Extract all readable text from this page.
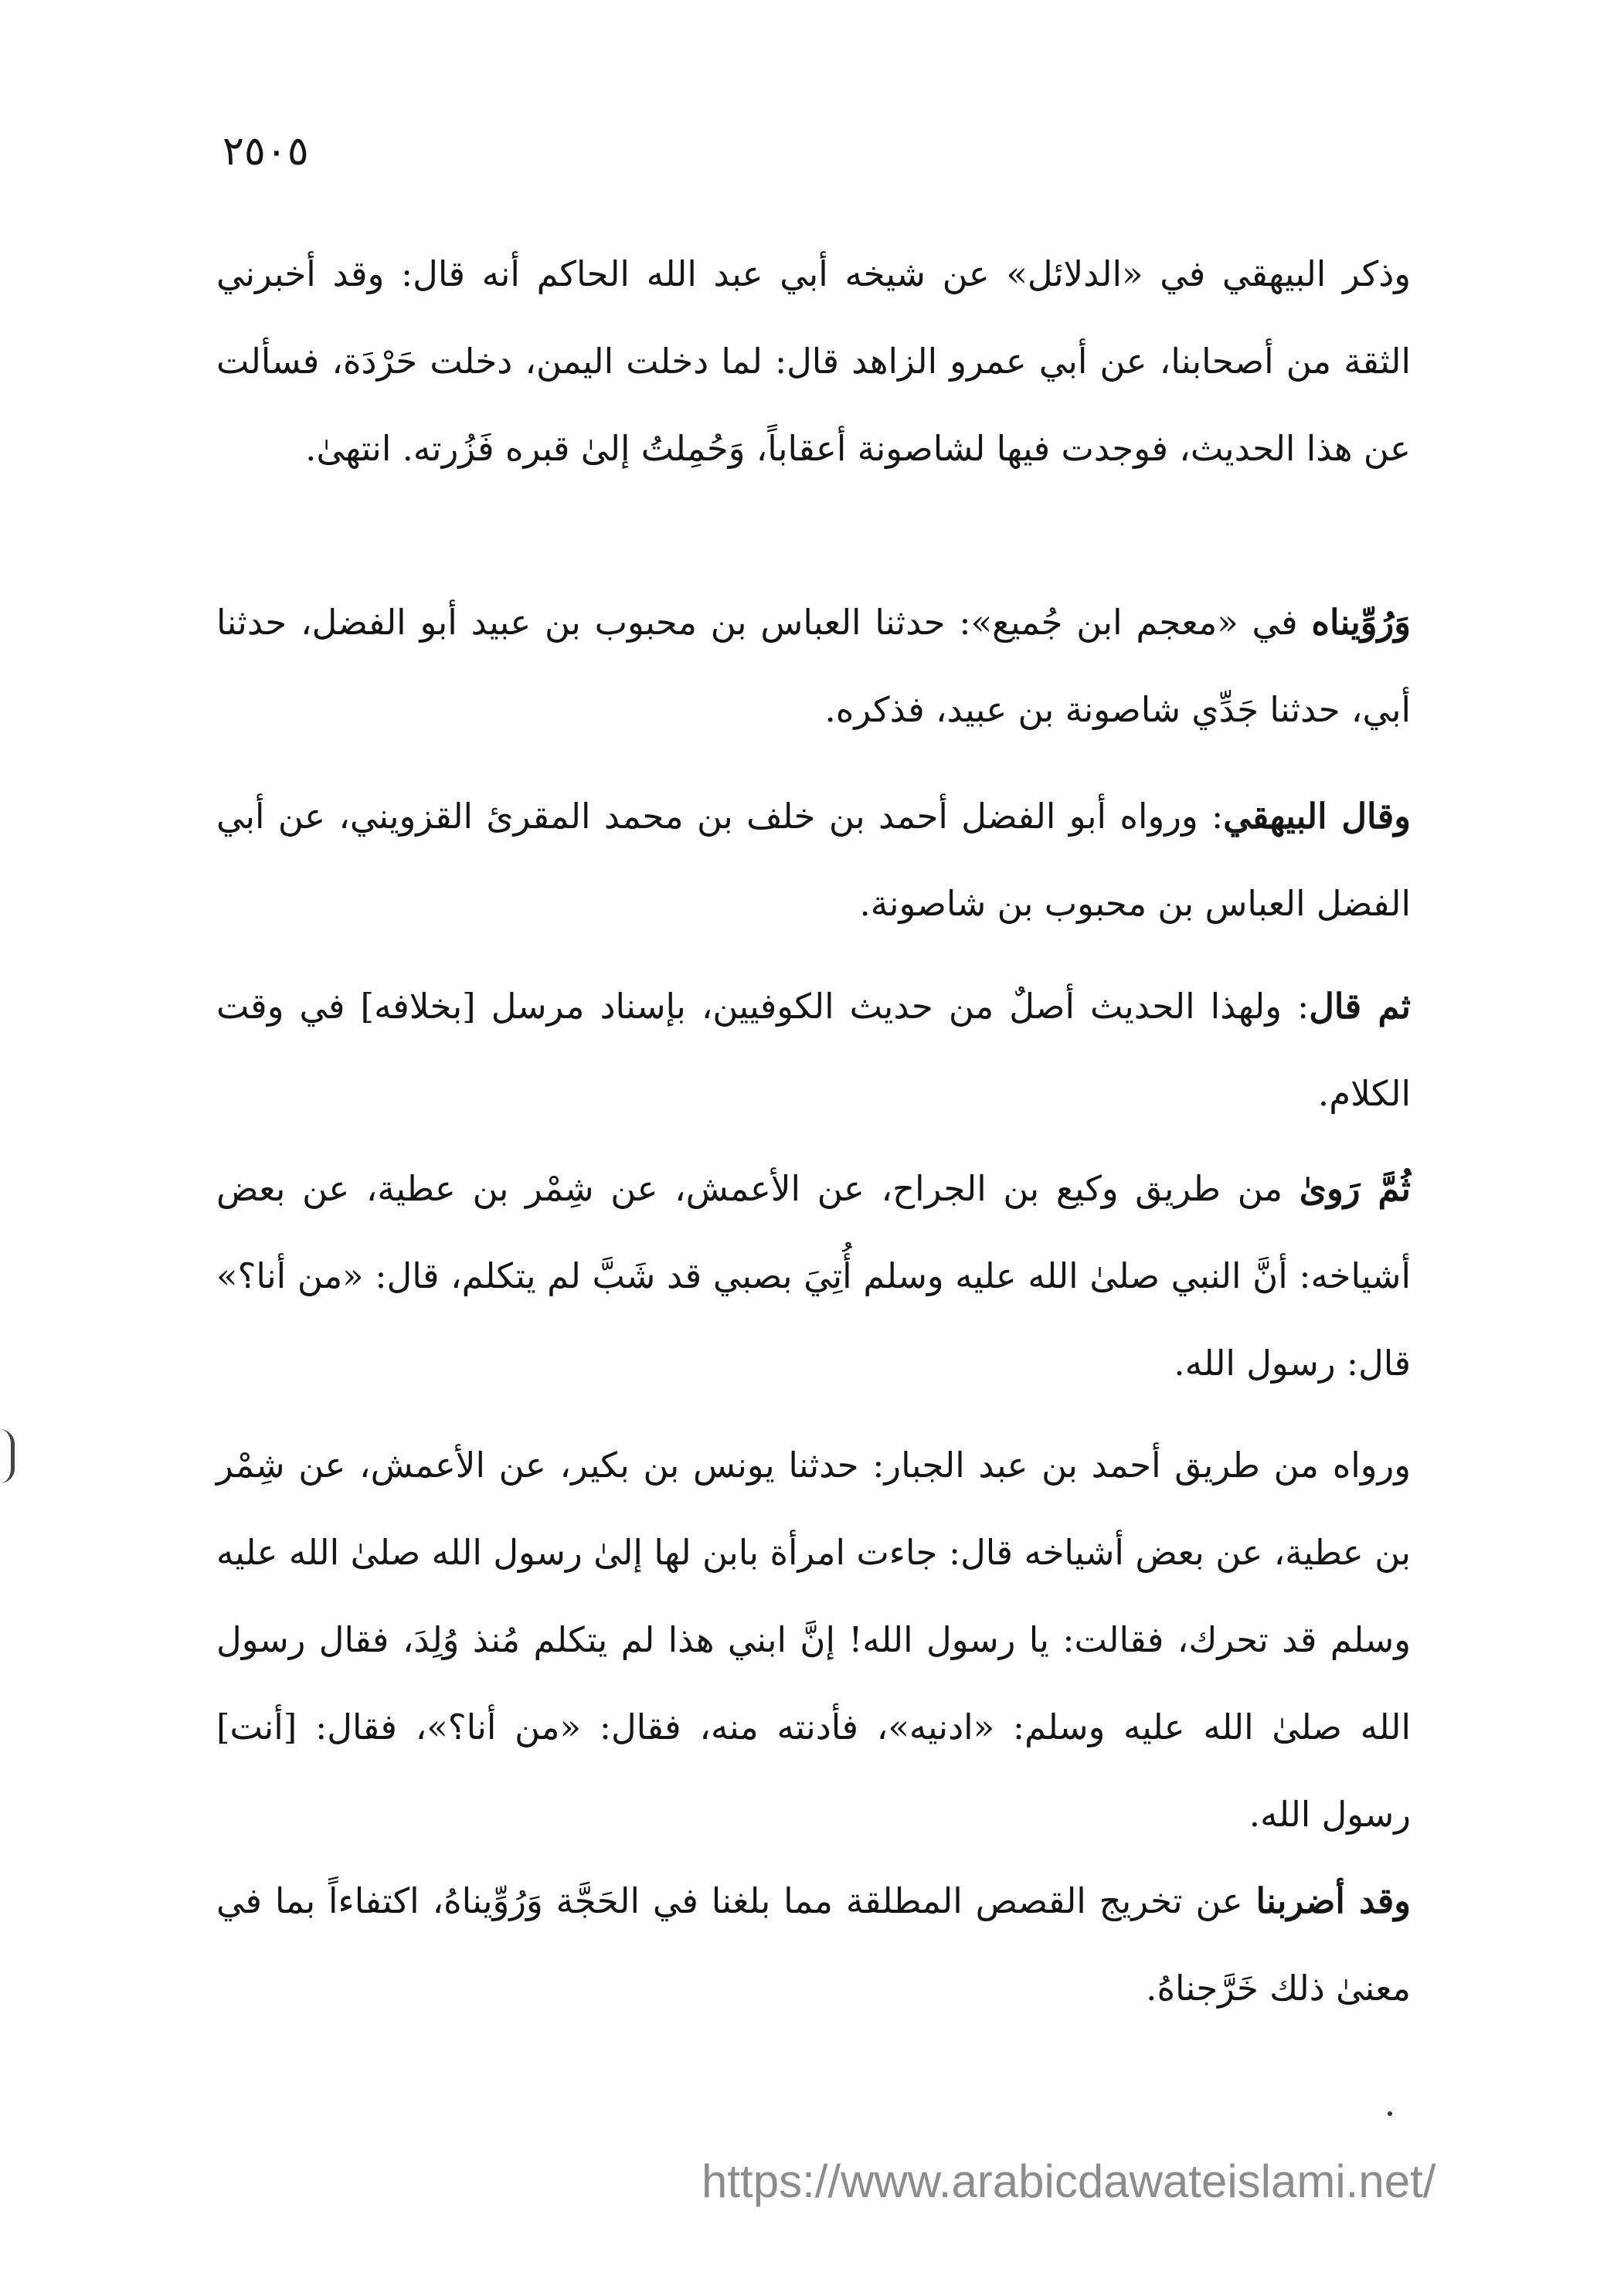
٢٥٠٥

وذكر البيهقي في «الدلائل» عن شيخه أبي عبد الله الحاكم أنه قال: وقد أخبرني الثقة من أصحابنا، عن أبي عمرو الزاهد قال: لما دخلت اليمن، دخلت حَرْدَة، فسألت عن هذا الحديث، فوجدت فيها لشاصونة أعقاباً، وَحُمِلتُ إلىٰ قبره فَزُرته. انتهىٰ.

وَرُوِّيناه في «معجم ابن جُميع»: حدثنا العباس بن محبوب بن عبيد أبو الفضل، حدثنا أبي، حدثنا جَدِّي شاصونة بن عبيد، فذكره.

وقال البيهقي: ورواه أبو الفضل أحمد بن خلف بن محمد المقرئ القزويني، عن أبي الفضل العباس بن محبوب بن شاصونة.

ثم قال: ولهذا الحديث أصلٌ من حديث الكوفيين، بإسناد مرسل [بخلافه] في وقت الكلام.

ثُمَّ رَوىٰ من طريق وكيع بن الجراح، عن الأعمش، عن شِمْر بن عطية، عن بعض أشياخه: أنَّ النبي صلىٰ الله عليه وسلم أُتِيَ بصبي قد شَبَّ لم يتكلم، قال: «من أنا؟» قال: رسول الله.

ورواه من طريق أحمد بن عبد الجبار: حدثنا يونس بن بكير، عن الأعمش، عن شِمْر بن عطية، عن بعض أشياخه قال: جاءت امرأة بابن لها إلىٰ رسول الله صلىٰ الله عليه وسلم قد تحرك، فقالت: يا رسول الله! إنَّ ابني هذا لم يتكلم مُنذ وُلِدَ، فقال رسول الله صلىٰ الله عليه وسلم: «ادنيه»، فأدنته منه، فقال: «من أنا؟»، فقال: [أنت] رسول الله.

وقد أضربنا عن تخريج القصص المطلقة مما بلغنا في الحَجَّة وَرُوِّيناهُ، اكتفاءاً بما في معنىٰ ذلك خَرَّجناهُ.

https://www.arabicdawateislami.net/
